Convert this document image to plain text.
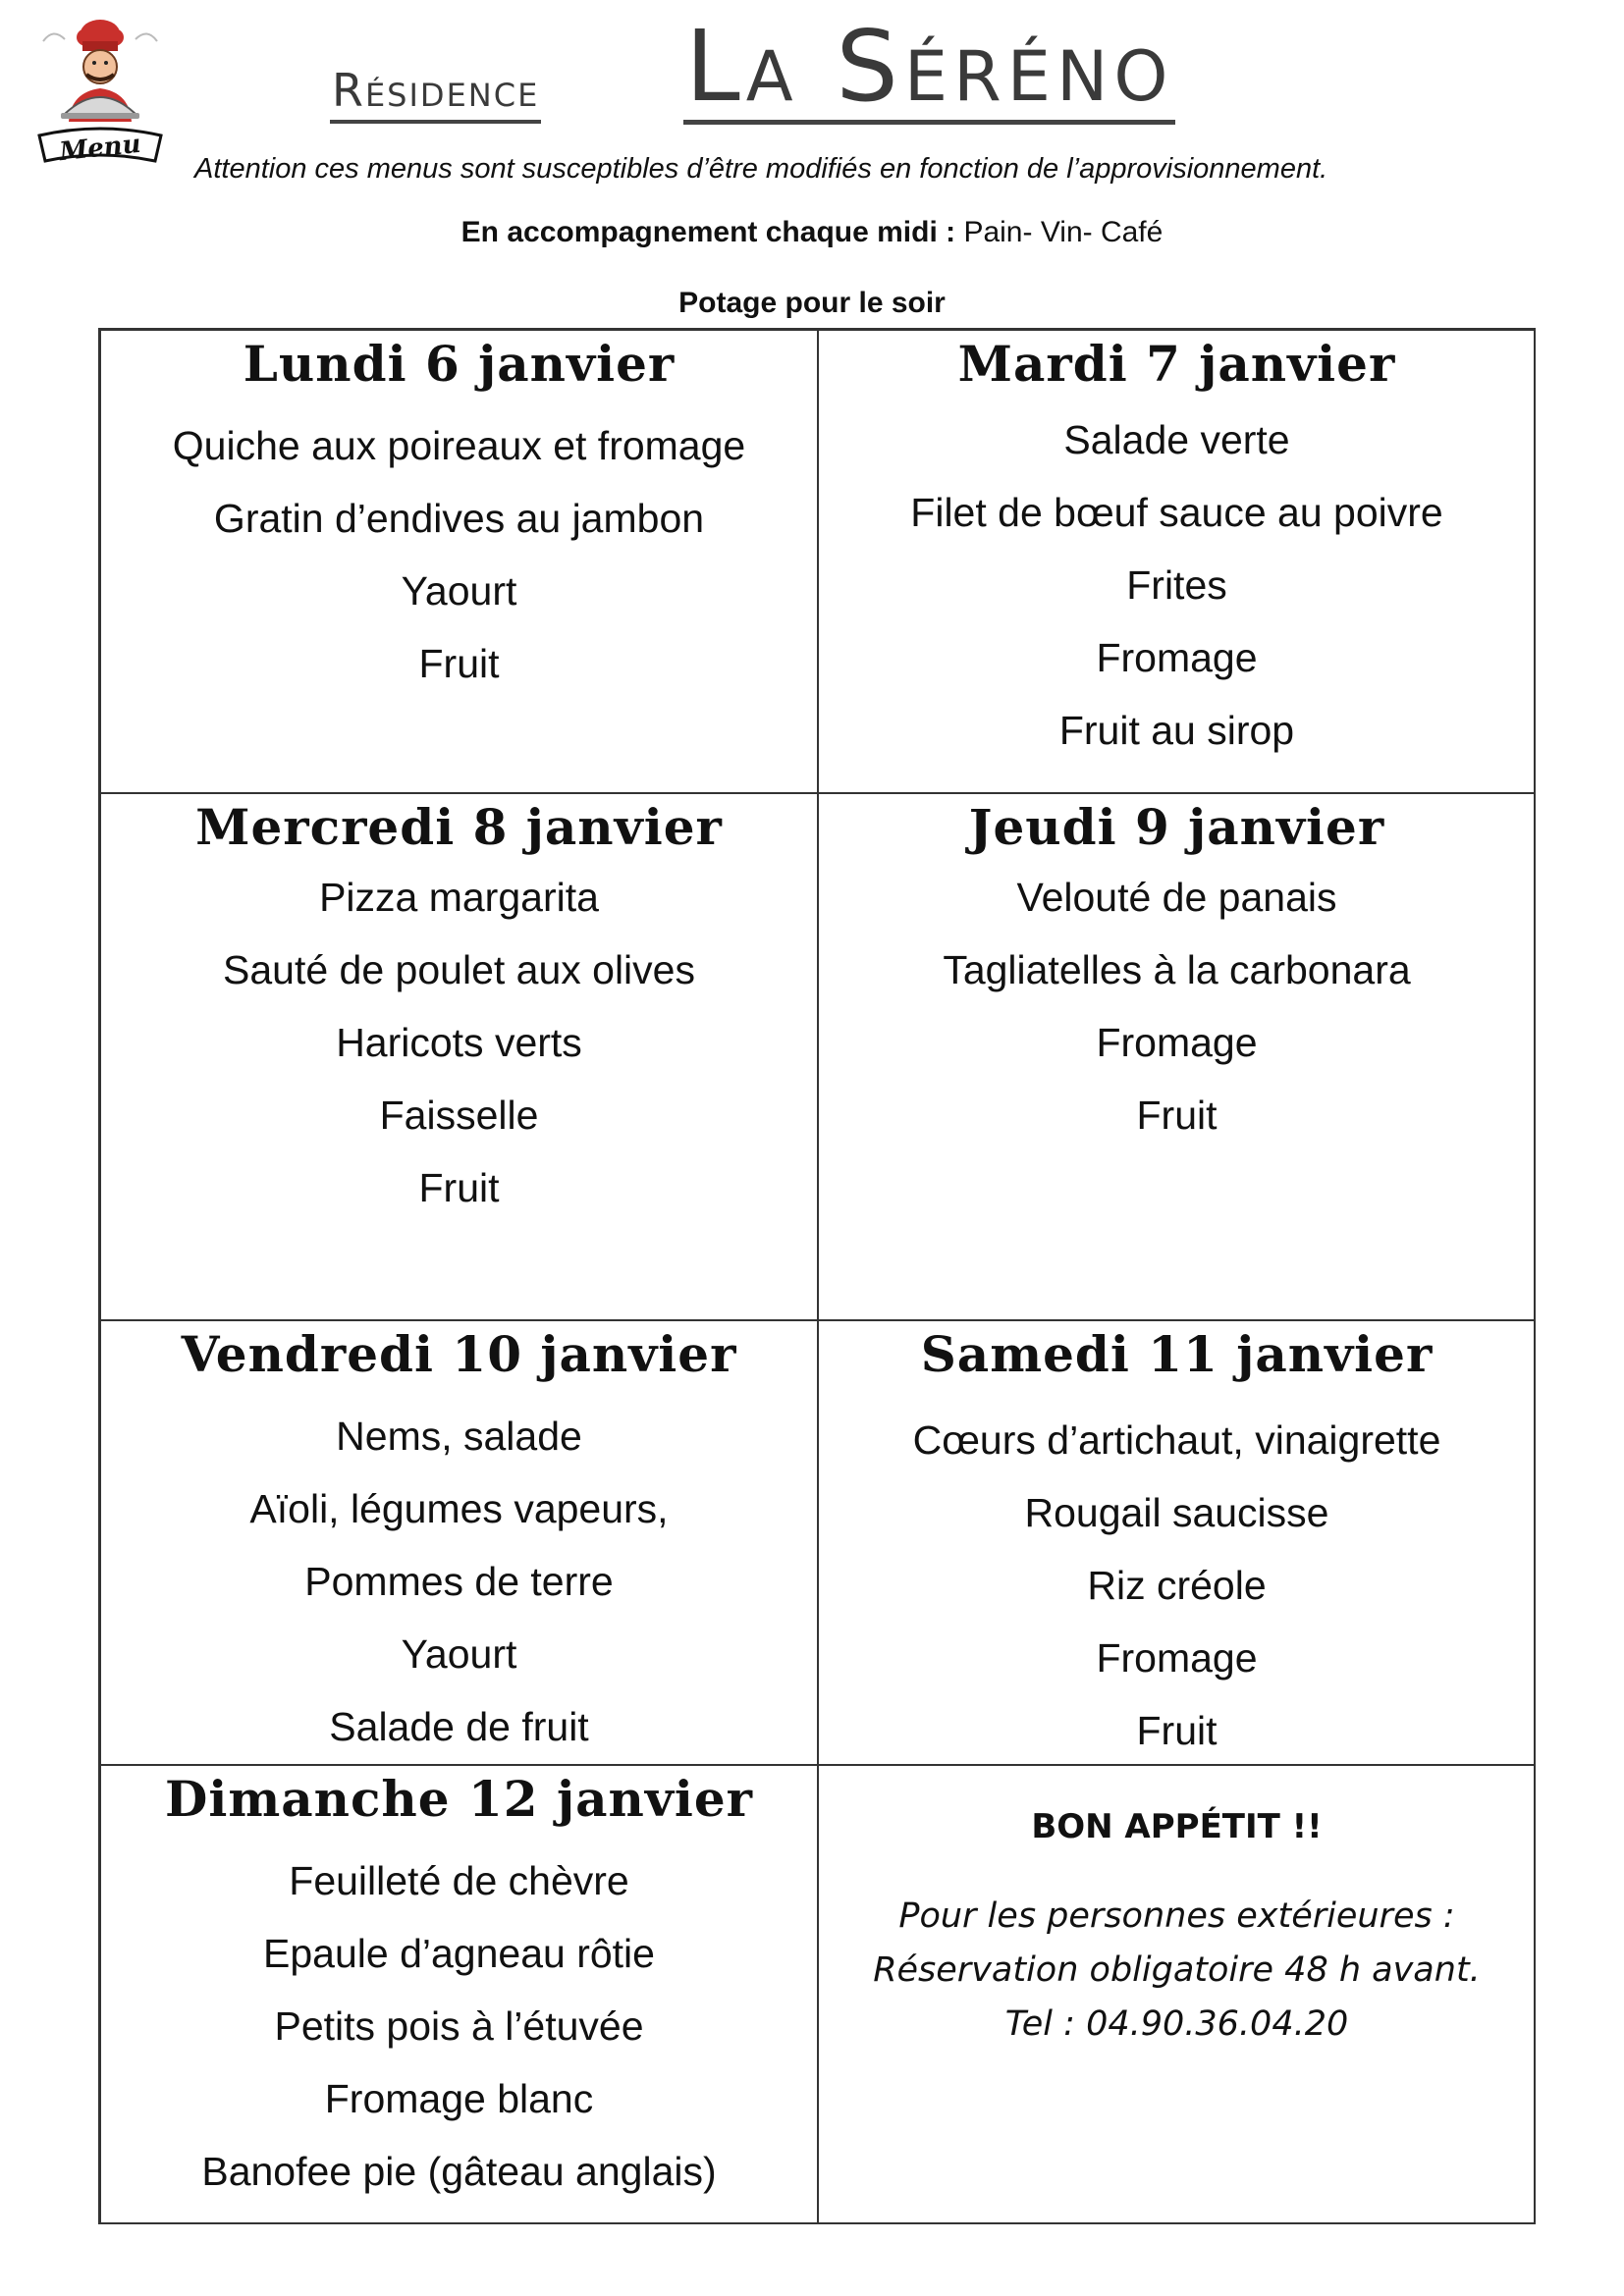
Menu
Résidence La Séréno
Attention ces menus sont susceptibles d’être modifiés en fonction de l’approvisionnement.
En accompagnement chaque midi : Pain- Vin- Café
Potage pour le soir
Lundi 6 janvier
Quiche aux poireaux et fromage
Gratin d’endives au jambon
Yaourt
Fruit
Mardi 7 janvier
Salade verte
Filet de bœuf sauce au poivre
Frites
Fromage
Fruit au sirop
Mercredi 8 janvier
Pizza margarita
Sauté de poulet aux olives
Haricots verts
Faisselle
Fruit
Jeudi 9 janvier
Velouté de panais
Tagliatelles à la carbonara
Fromage
Fruit
Vendredi 10 janvier
Nems, salade
Aïoli, légumes vapeurs,
Pommes de terre
Yaourt
Salade de fruit
Samedi 11 janvier
Cœurs d’artichaut, vinaigrette
Rougail saucisse
Riz créole
Fromage
Fruit
Dimanche 12 janvier
Feuilleté de chèvre
Epaule d’agneau rôtie
Petits pois à l’étuvée
Fromage blanc
Banofee pie (gâteau anglais)
BON APPÉTIT !!
Pour les personnes extérieures :
Réservation obligatoire 48 h avant.
Tel : 04.90.36.04.20
